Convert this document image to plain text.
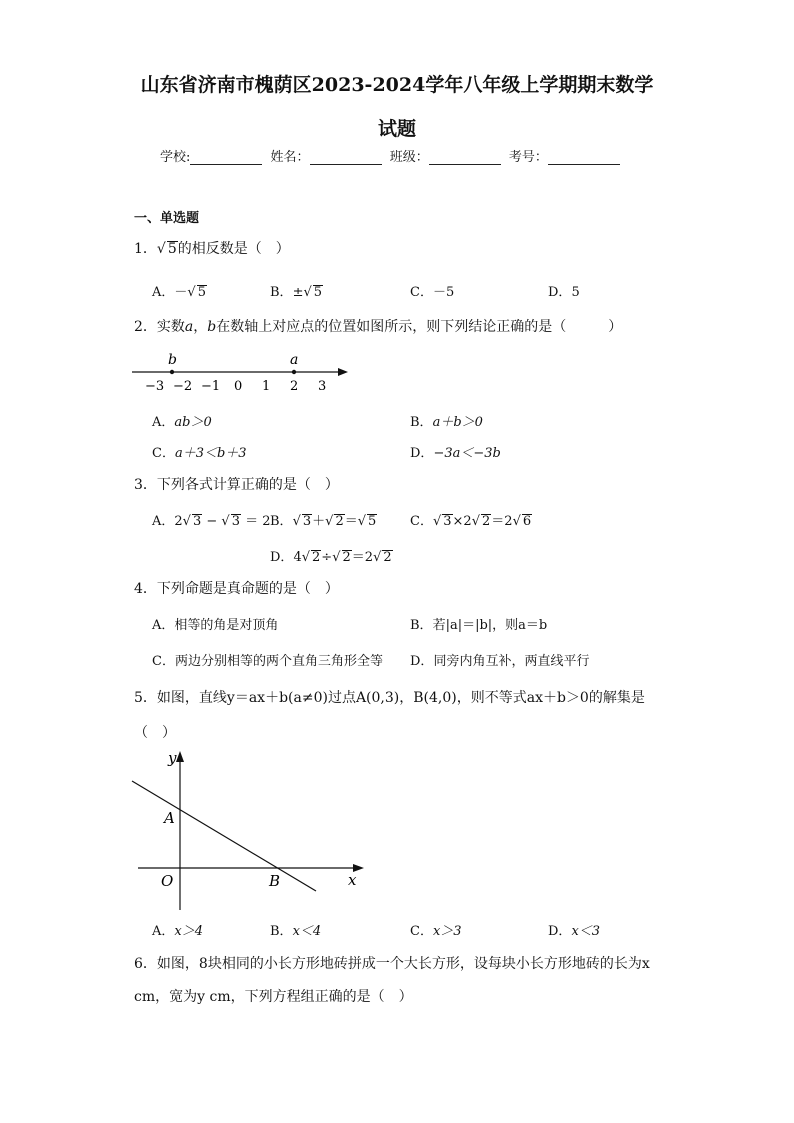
山东省济南市槐荫区2023-2024学年八年级上学期期末数学
试题
学校:	姓名：	班级：	考号：
一、单选题
1．√ 5的相反数是（　）
A．－√ 5	B．±√ 5	C．－5	D．5
2．实数a，b在数轴上对应点的位置如图所示，则下列结论正确的是（　　　）
b	a
−3 −2 −1 0 1 2 3
A．ab＞0	B．a＋b＞0
C．a＋3＜b＋3	D．−3a＜−3b
3．下列各式计算正确的是（　）
A．2√ 3 − √ 3 ＝ 2 B．√ 3＋√ 2＝√ 5	C．√ 3×2√ 2＝2√ 6
D．4√ 2÷√ 2＝2√ 2
4．下列命题是真命题的是（　）
A．相等的角是对顶角	B．若|a|＝|b|，则a＝b
C．两边分别相等的两个直角三角形全等 D．同旁内角互补，两直线平行
5．如图，直线y＝ax＋b(a≠0)过点A(0,3)，B(4,0)，则不等式ax＋b＞0的解集是
（　）
y
x
O
A
B
A．x＞4	B．x＜4	C．x＞3	D．x＜3
6．如图，8块相同的小长方形地砖拼成一个大长方形，设每块小长方形地砖的长为x
cm，宽为y cm，下列方程组正确的是（　）
